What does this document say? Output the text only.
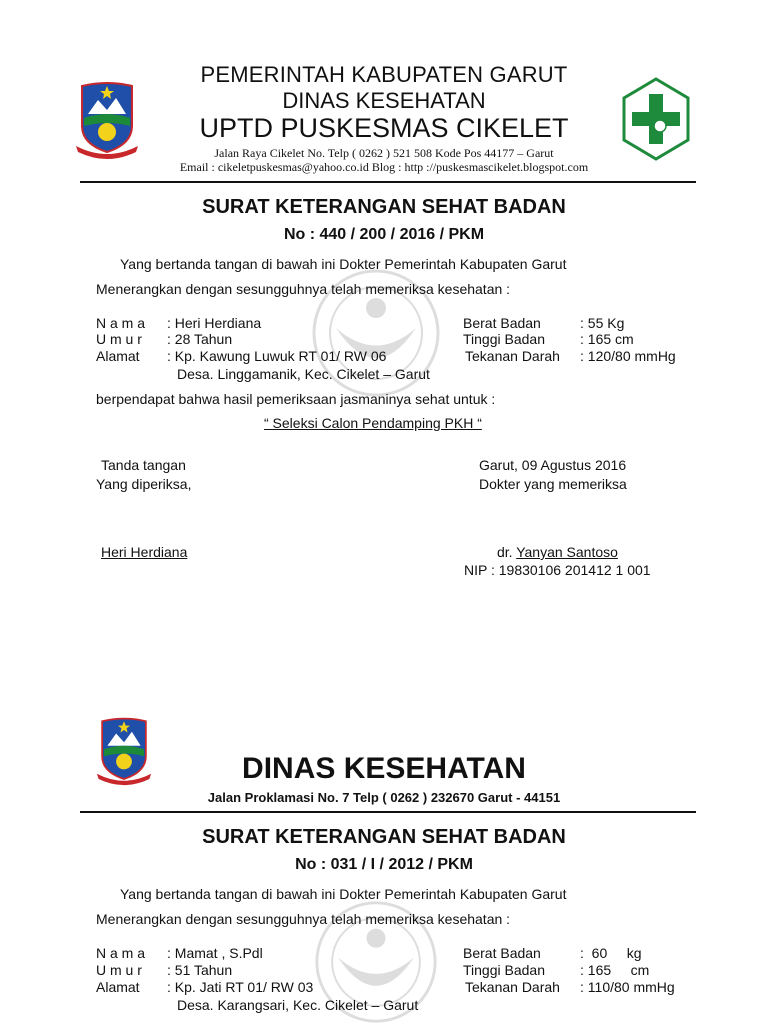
PEMERINTAH KABUPATEN GARUT
DINAS KESEHATAN
UPTD PUSKESMAS CIKELET
Jalan Raya Cikelet No. Telp ( 0262 ) 521 508 Kode Pos 44177 – Garut
Email : cikeletpuskesmas@yahoo.co.id Blog : http ://puskesmascikelet.blogspot.com
SURAT KETERANGAN SEHAT BADAN
No : 440 / 200 / 2016 / PKM
Yang bertanda tangan di bawah ini Dokter Pemerintah Kabupaten Garut
Menerangkan dengan sesungguhnya telah memeriksa kesehatan :
N a m a : Heri Herdiana
U m u r : 28 Tahun
Alamat : Kp. Kawung Luwuk RT 01/ RW 06
Desa. Linggamanik, Kec. Cikelet – Garut
Berat Badan	: 55 Kg
Tinggi Badan	: 165 cm
Tekanan Darah : 120/80 mmHg
berpendapat bahwa hasil pemeriksaan jasmaninya sehat untuk :
“ Seleksi Calon Pendamping PKH “
Tanda tangan
Yang diperiksa,
Heri Herdiana
Garut, 09 Agustus 2016
Dokter yang memeriksa
dr. Yanyan Santoso
NIP : 19830106 201412 1 001
DINAS KESEHATAN
Jalan Proklamasi No. 7 Telp ( 0262 ) 232670 Garut - 44151
SURAT KETERANGAN SEHAT BADAN
No : 031 / I / 2012 / PKM
Yang bertanda tangan di bawah ini Dokter Pemerintah Kabupaten Garut
Menerangkan dengan sesungguhnya telah memeriksa kesehatan :
N a m a : Mamat , S.Pdl
U m u r : 51 Tahun
Alamat : Kp. Jati RT 01/ RW 03
Desa. Karangsari, Kec. Cikelet – Garut
Berat Badan	:  60     kg
Tinggi Badan	: 165     cm
Tekanan Darah : 110/80 mmHg
